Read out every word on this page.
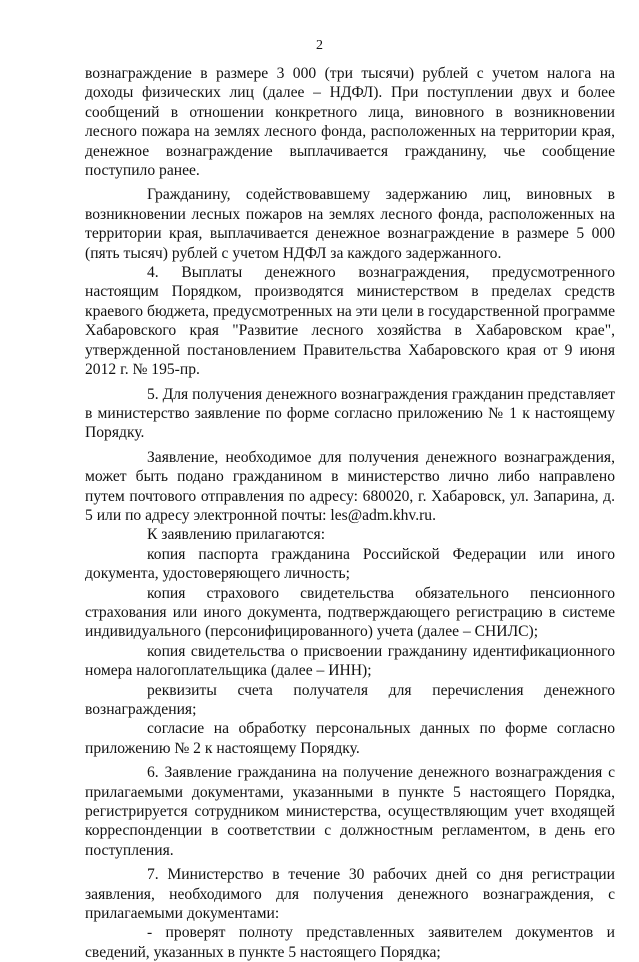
2

вознаграждение в размере 3 000 (три тысячи) рублей с учетом налога на доходы физических лиц (далее – НДФЛ). При поступлении двух и более сообщений в отношении конкретного лица, виновного в возникновении лесного пожара на землях лесного фонда, расположенных на территории края, денежное вознаграждение выплачивается гражданину, чье сообщение поступило ранее.

Гражданину, содействовавшему задержанию лиц, виновных в возникновении лесных пожаров на землях лесного фонда, расположенных на территории края, выплачивается денежное вознаграждение в размере 5 000 (пять тысяч) рублей с учетом НДФЛ за каждого задержанного.

4. Выплаты денежного вознаграждения, предусмотренного настоящим Порядком, производятся министерством в пределах средств краевого бюджета, предусмотренных на эти цели в государственной программе Хабаровского края "Развитие лесного хозяйства в Хабаровском крае", утвержденной постановлением Правительства Хабаровского края от 9 июня 2012 г. № 195-пр.

5. Для получения денежного вознаграждения гражданин представляет в министерство заявление по форме согласно приложению № 1 к настоящему Порядку.

Заявление, необходимое для получения денежного вознаграждения, может быть подано гражданином в министерство лично либо направлено путем почтового отправления по адресу: 680020, г. Хабаровск, ул. Запарина, д. 5 или по адресу электронной почты: les@adm.khv.ru.

К заявлению прилагаются:

копия паспорта гражданина Российской Федерации или иного документа, удостоверяющего личность;

копия страхового свидетельства обязательного пенсионного страхования или иного документа, подтверждающего регистрацию в системе индивидуального (персонифицированного) учета (далее – СНИЛС);

копия свидетельства о присвоении гражданину идентификационного номера налогоплательщика (далее – ИНН);

реквизиты счета получателя для перечисления денежного вознаграждения;

согласие на обработку персональных данных по форме согласно приложению № 2 к настоящему Порядку.

6. Заявление гражданина на получение денежного вознаграждения с прилагаемыми документами, указанными в пункте 5 настоящего Порядка, регистрируется сотрудником министерства, осуществляющим учет входящей корреспонденции в соответствии с должностным регламентом, в день его поступления.

7. Министерство в течение 30 рабочих дней со дня регистрации заявления, необходимого для получения денежного вознаграждения, с прилагаемыми документами:

- проверят полноту представленных заявителем документов и сведений, указанных в пункте 5 настоящего Порядка;
